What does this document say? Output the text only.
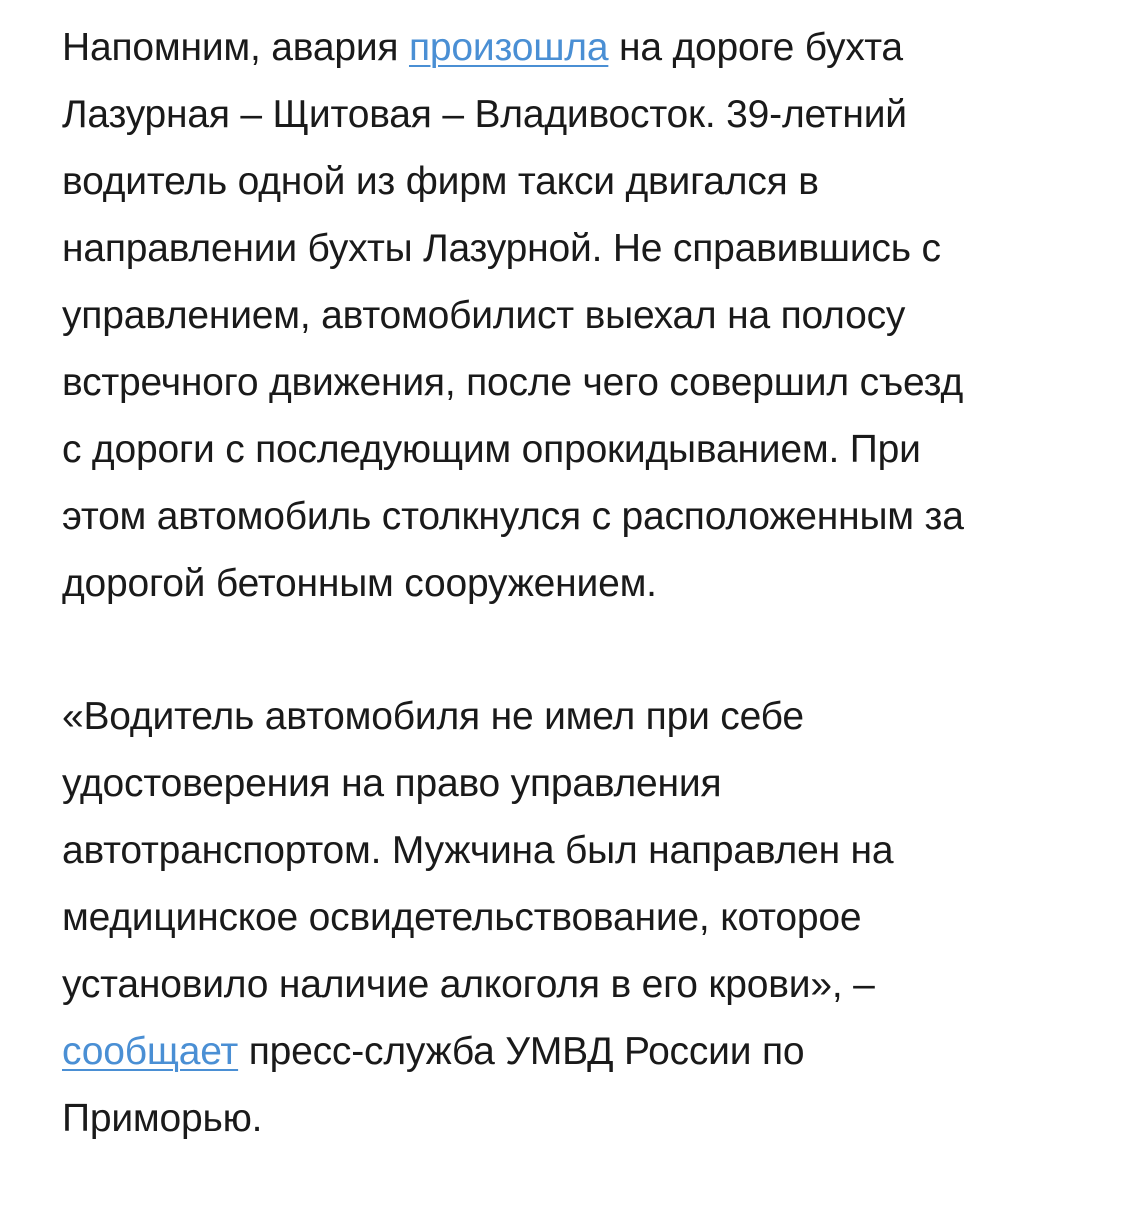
Напомним, авария произошла на дороге бухта
Лазурная – Щитовая – Владивосток. 39-летний
водитель одной из фирм такси двигался в
направлении бухты Лазурной. Не справившись с
управлением, автомобилист выехал на полосу
встречного движения, после чего совершил съезд
с дороги с последующим опрокидыванием. При
этом автомобиль столкнулся с расположенным за
дорогой бетонным сооружением.

«Водитель автомобиля не имел при себе
удостоверения на право управления
автотранспортом. Мужчина был направлен на
медицинское освидетельствование, которое
установило наличие алкоголя в его крови», –
сообщает пресс-служба УМВД России по
Приморью.
